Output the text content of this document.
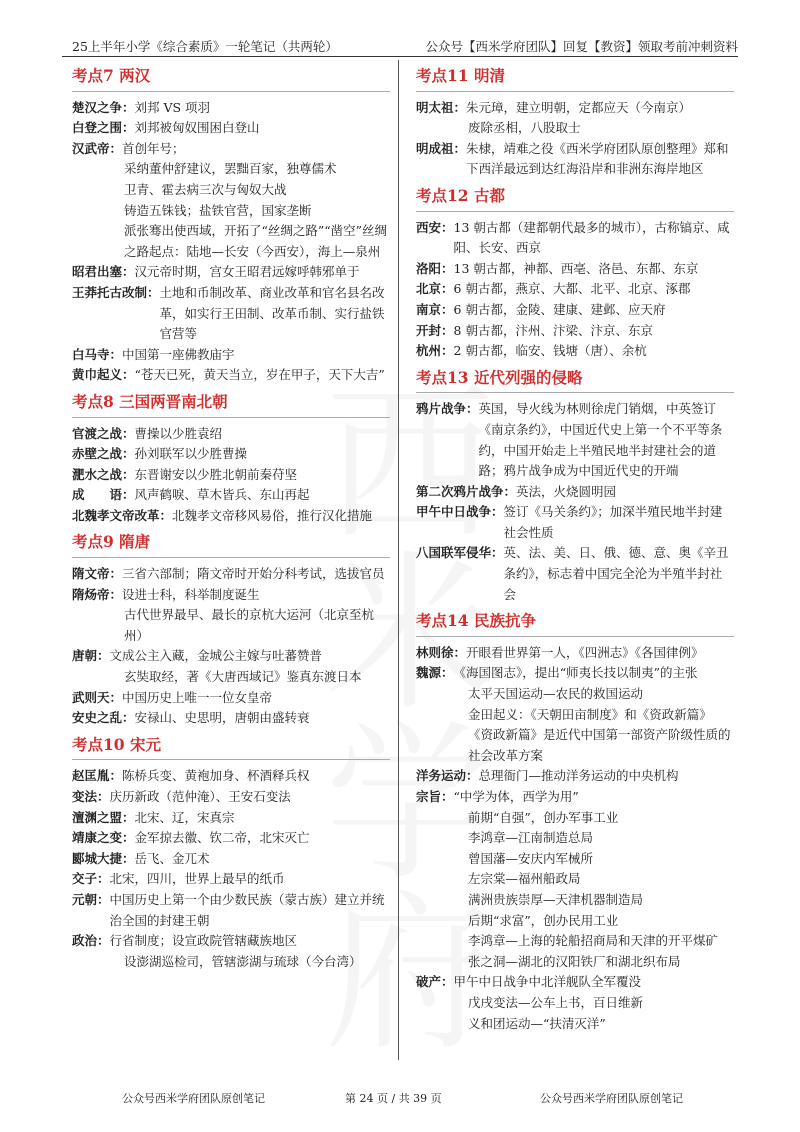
25上半年小学《综合素质》一轮笔记（共两轮）	公众号【西米学府团队】回复【教资】领取考前冲刺资料
考点7 两汉
楚汉之争： 刘邦 VS 项羽
白登之围： 刘邦被匈奴围困白登山
汉武帝： 首创年号；
采纳董仲舒建议，罢黜百家，独尊儒术
卫青、霍去病三次与匈奴大战
铸造五铢钱；盐铁官营，国家垄断
派张骞出使西域，开拓了“丝绸之路”“凿空”丝绸之路起点：陆地—长安（今西安），海上—泉州
昭君出塞： 汉元帝时期，宫女王昭君远嫁呼韩邪单于
王莽托古改制： 土地和币制改革、商业改革和官名县名改革，如实行王田制、改革币制、实行盐铁官营等
白马寺： 中国第一座佛教庙宇
黄巾起义： “苍天已死，黄天当立，岁在甲子，天下大吉”
考点8 三国两晋南北朝
官渡之战： 曹操以少胜袁绍
赤壁之战： 孙刘联军以少胜曹操
淝水之战： 东晋谢安以少胜北朝前秦苻坚
成　　语： 风声鹤唳、草木皆兵、东山再起
北魏孝文帝改革： 北魏孝文帝移风易俗，推行汉化措施
考点9 隋唐
隋文帝： 三省六部制；隋文帝时开始分科考试，选拔官员
隋炀帝： 设进士科，科举制度诞生
古代世界最早、最长的京杭大运河（北京至杭州）
唐朝： 文成公主入藏，金城公主嫁与吐蕃赞普
玄奘取经，著《大唐西域记》鉴真东渡日本
武则天： 中国历史上唯一一位女皇帝
安史之乱： 安禄山、史思明，唐朝由盛转衰
考点10 宋元
赵匡胤： 陈桥兵变、黄袍加身、杯酒释兵权
变法： 庆历新政（范仲淹）、王安石变法
澶渊之盟： 北宋、辽，宋真宗
靖康之变： 金军掠去徽、钦二帝，北宋灭亡
郾城大捷： 岳飞、金兀术
交子： 北宋，四川，世界上最早的纸币
元朝： 中国历史上第一个由少数民族（蒙古族）建立并统治全国的封建王朝
政治： 行省制度；设宣政院管辖藏族地区
设澎湖巡检司，管辖澎湖与琉球（今台湾）
考点11 明清
明太祖： 朱元璋，建立明朝，定都应天（今南京）
废除丞相，八股取士
明成祖： 朱棣，靖难之役《西米学府团队原创整理》郑和下西洋最远到达红海沿岸和非洲东海岸地区
考点12 古都
西安： 13 朝古都（建都朝代最多的城市），古称镐京、咸阳、长安、西京
洛阳： 13 朝古都，神都、西亳、洛邑、东都、东京
北京： 6 朝古都，燕京、大都、北平、北京、涿郡
南京： 6 朝古都，金陵、建康、建邺、应天府
开封： 8 朝古都，汴州、汴梁、汴京、东京
杭州： 2 朝古都，临安、钱塘（唐）、余杭
考点13 近代列强的侵略
鸦片战争： 英国，导火线为林则徐虎门销烟，中英签订《南京条约》，中国近代史上第一个不平等条约，中国开始走上半殖民地半封建社会的道路；鸦片战争成为中国近代史的开端
第二次鸦片战争： 英法，火烧圆明园
甲午中日战争： 签订《马关条约》；加深半殖民地半封建社会性质
八国联军侵华： 英、法、美、日、俄、德、意、奥《辛丑条约》，标志着中国完全沦为半殖半封社会
考点14 民族抗争
林则徐： 开眼看世界第一人，《四洲志》《各国律例》
魏源： 《海国图志》，提出“师夷长技以制夷”的主张
太平天国运动—农民的救国运动
金田起义：《天朝田亩制度》和《资政新篇》
《资政新篇》是近代中国第一部资产阶级性质的社会改革方案
洋务运动： 总理衙门—推动洋务运动的中央机构
宗旨： “中学为体，西学为用”
前期“自强”，创办军事工业
李鸿章—江南制造总局
曾国藩—安庆内军械所
左宗棠—福州船政局
满洲贵族崇厚—天津机器制造局
后期“求富”，创办民用工业
李鸿章—上海的轮船招商局和天津的开平煤矿
张之洞—湖北的汉阳铁厂和湖北织布局
破产： 甲午中日战争中北洋舰队全军覆没
戊戌变法—公车上书，百日维新
义和团运动—“扶清灭洋”
公众号西米学府团队原创笔记	第 24 页 / 共 39 页	公众号西米学府团队原创笔记
